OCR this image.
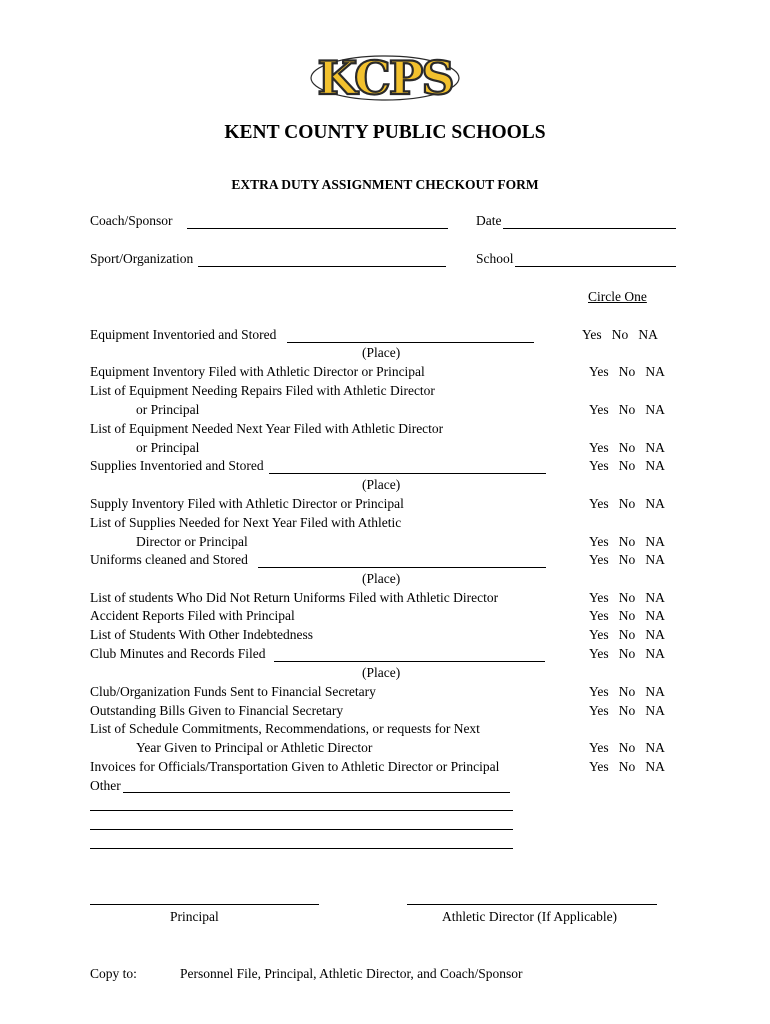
KCPS
KENT COUNTY PUBLIC SCHOOLS
EXTRA DUTY ASSIGNMENT CHECKOUT FORM
Coach/Sponsor	Date
Sport/Organization	School
Circle One
Equipment Inventoried and Stored	Yes No NA
(Place)
Equipment Inventory Filed with Athletic Director or Principal	Yes No NA
List of Equipment Needing Repairs Filed with Athletic Director
or Principal	Yes No NA
List of Equipment Needed Next Year Filed with Athletic Director
or Principal	Yes No NA
Supplies Inventoried and Stored	Yes No NA
(Place)
Supply Inventory Filed with Athletic Director or Principal	Yes No NA
List of Supplies Needed for Next Year Filed with Athletic
Director or Principal	Yes No NA
Uniforms cleaned and Stored	Yes No NA
(Place)
List of students Who Did Not Return Uniforms Filed with Athletic Director	Yes No NA
Accident Reports Filed with Principal	Yes No NA
List of Students With Other Indebtedness	Yes No NA
Club Minutes and Records Filed	Yes No NA
(Place)
Club/Organization Funds Sent to Financial Secretary	Yes No NA
Outstanding Bills Given to Financial Secretary	Yes No NA
List of Schedule Commitments, Recommendations, or requests for Next
Year Given to Principal or Athletic Director	Yes No NA
Invoices for Officials/Transportation Given to Athletic Director or Principal	Yes No NA
Other
Principal	Athletic Director (If Applicable)
Copy to:	Personnel File, Principal, Athletic Director, and Coach/Sponsor
